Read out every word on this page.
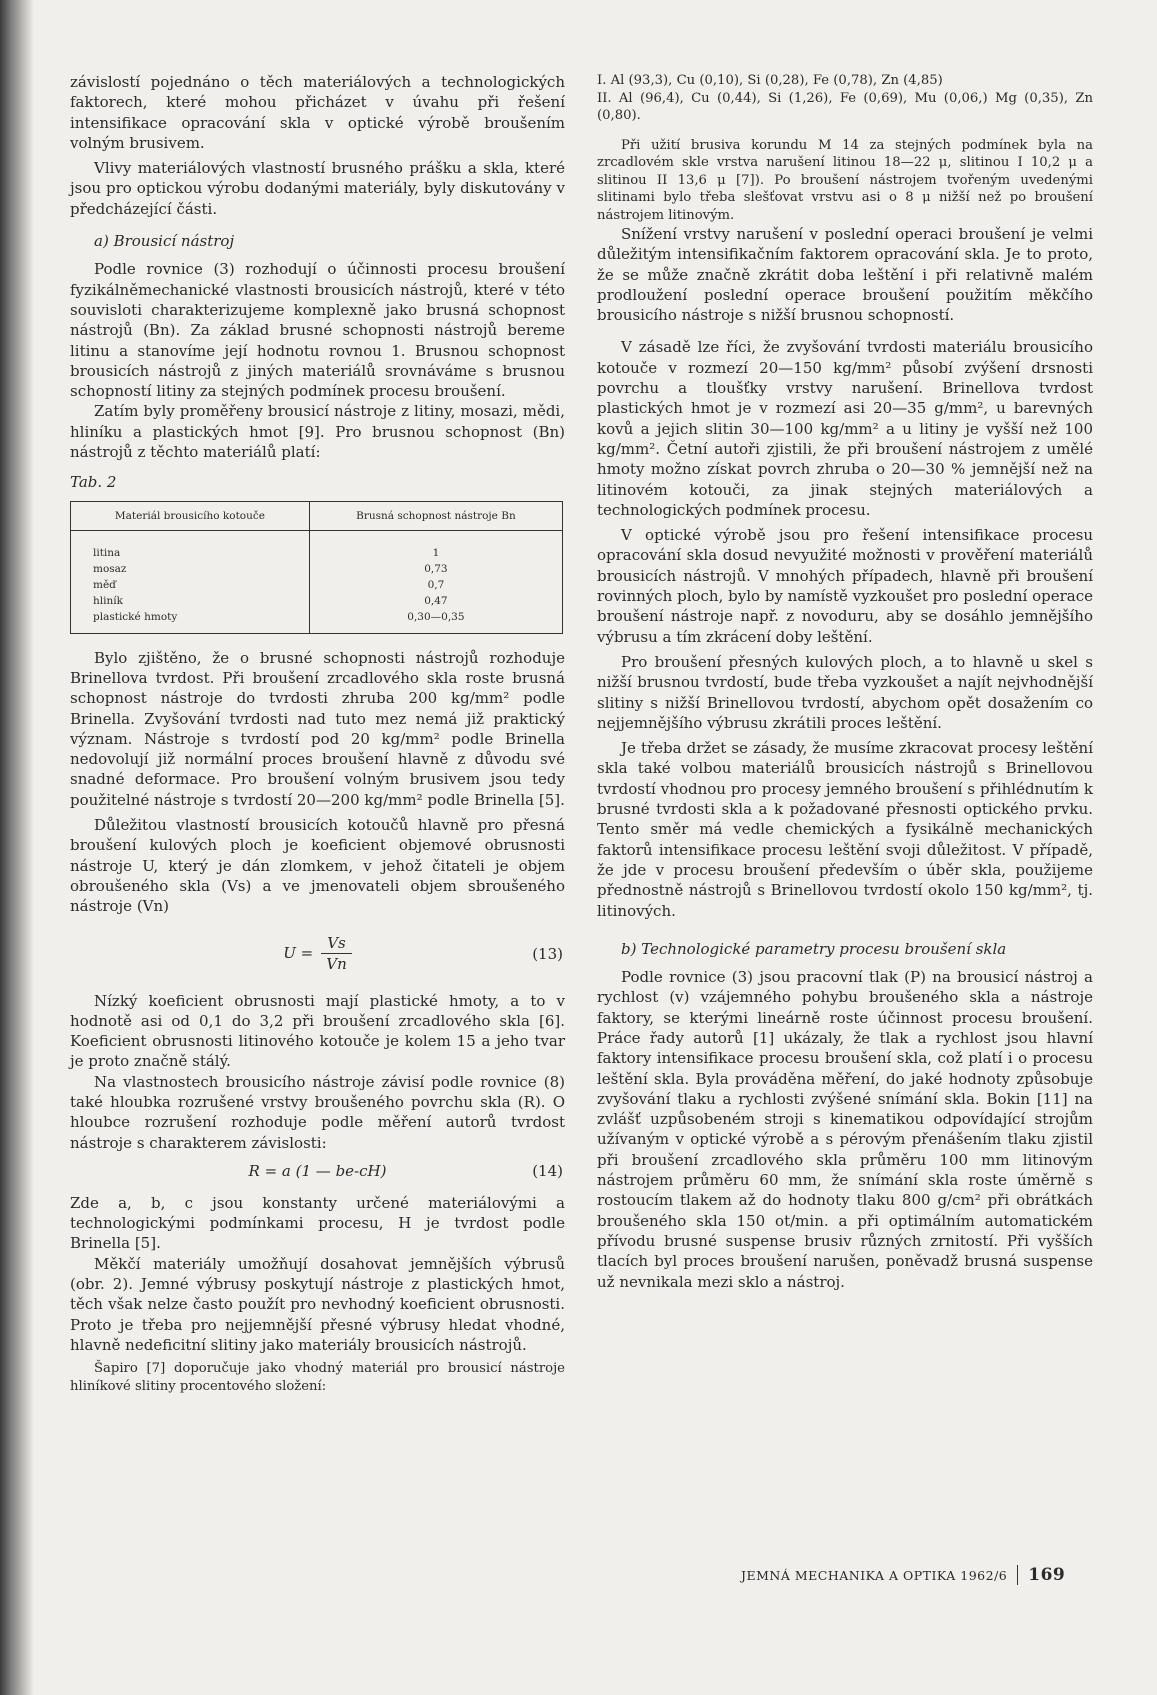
závislostí pojednáno o těch materiálových a technologických faktorech, které mohou přicházet v úvahu při řešení intensifikace opracování skla v optické výrobě broušením volným brusivem.

Vlivy materiálových vlastností brusného prášku a skla, které jsou pro optickou výrobu dodanými materiály, byly diskutovány v předcházející části.

a) Brousicí nástroj

Podle rovnice (3) rozhodují o účinnosti procesu broušení fyzikálněmechanické vlastnosti brousicích nástrojů, které v této souvisloti charakterizujeme komplexně jako brusná schopnost nástrojů (Bn). Za základ brusné schopnosti nástrojů bereme litinu a stanovíme její hodnotu rovnou 1. Brusnou schopnost brousicích nástrojů z jiných materiálů srovnáváme s brusnou schopností litiny za stejných podmínek procesu broušení.

Zatím byly proměřeny brousicí nástroje z litiny, mosazi, mědi, hliníku a plastických hmot [9]. Pro brusnou schopnost (Bn) nástrojů z těchto materiálů platí:

Tab. 2

Materiál brousicího kotouče	Brusná schopnost nástroje Bn
litina	1
mosaz	0,73
měď	0,7
hliník	0,47
plastické hmoty	0,30—0,35

Bylo zjištěno, že o brusné schopnosti nástrojů rozhoduje Brinellova tvrdost. Při broušení zrcadlového skla roste brusná schopnost nástroje do tvrdosti zhruba 200 kg/mm² podle Brinella. Zvyšování tvrdosti nad tuto mez nemá již praktický význam. Nástroje s tvrdostí pod 20 kg/mm² podle Brinella nedovolují již normální proces broušení hlavně z důvodu své snadné deformace. Pro broušení volným brusivem jsou tedy použitelné nástroje s tvrdostí 20—200 kg/mm² podle Brinella [5].

Důležitou vlastností brousicích kotoučů hlavně pro přesná broušení kulových ploch je koeficient objemové obrusnosti nástroje U, který je dán zlomkem, v jehož čitateli je objem obroušeného skla (Vs) a ve jmenovateli objem sbroušeného nástroje (Vn)

$U = \frac{Vs}{Vn}$	(13)

Nízký koeficient obrusnosti mají plastické hmoty, a to v hodnotě asi od 0,1 do 3,2 při broušení zrcadlového skla [6]. Koeficient obrusnosti litinového kotouče je kolem 15 a jeho tvar je proto značně stálý.

Na vlastnostech brousicího nástroje závisí podle rovnice (8) také hloubka rozrušené vrstvy broušeného povrchu skla (R). O hloubce rozrušení rozhoduje podle měření autorů tvrdost nástroje s charakterem závislosti:

R = a (1 — be-cH)	(14)

Zde a, b, c jsou konstanty určené materiálovými a technologickými podmínkami procesu, H je tvrdost podle Brinella [5].

Měkčí materiály umožňují dosahovat jemnějších výbrusů (obr. 2). Jemné výbrusy poskytují nástroje z plastických hmot, těch však nelze často použít pro nevhodný koeficient obrusnosti. Proto je třeba pro nejjemnější přesné výbrusy hledat vhodné, hlavně nedeficitní slitiny jako materiály brousicích nástrojů.

Šapiro [7] doporučuje jako vhodný materiál pro brousicí nástroje hliníkové slitiny procentového složení:

I. Al (93,3), Cu (0,10), Si (0,28), Fe (0,78), Zn (4,85)

II. Al (96,4), Cu (0,44), Si (1,26), Fe (0,69), Mu (0,06,) Mg (0,35), Zn (0,80).

Při užití brusiva korundu M 14 za stejných podmínek byla na zrcadlovém skle vrstva narušení litinou 18—22 μ, slitinou I 10,2 μ a slitinou II 13,6 μ [7]). Po broušení nástrojem tvořeným uvedenými slitinami bylo třeba slešťovat vrstvu asi o 8 μ nižší než po broušení nástrojem litinovým.

Snížení vrstvy narušení v poslední operaci broušení je velmi důležitým intensifikačním faktorem opracování skla. Je to proto, že se může značně zkrátit doba leštění i při relativně malém prodloužení poslední operace broušení použitím měkčího brousicího nástroje s nižší brusnou schopností.

V zásadě lze říci, že zvyšování tvrdosti materiálu brousicího kotouče v rozmezí 20—150 kg/mm² působí zvýšení drsnosti povrchu a tloušťky vrstvy narušení. Brinellova tvrdost plastických hmot je v rozmezí asi 20—35 g/mm², u barevných kovů a jejich slitin 30—100 kg/mm² a u litiny je vyšší než 100 kg/mm². Četní autoři zjistili, že při broušení nástrojem z umělé hmoty možno získat povrch zhruba o 20—30 % jemnější než na litinovém kotouči, za jinak stejných materiálových a technologických podmínek procesu.

V optické výrobě jsou pro řešení intensifikace procesu opracování skla dosud nevyužité možnosti v prověření materiálů brousicích nástrojů. V mnohých případech, hlavně při broušení rovinných ploch, bylo by namístě vyzkoušet pro poslední operace broušení nástroje např. z novoduru, aby se dosáhlo jemnějšího výbrusu a tím zkrácení doby leštění.

Pro broušení přesných kulových ploch, a to hlavně u skel s nižší brusnou tvrdostí, bude třeba vyzkoušet a najít nejvhodnější slitiny s nižší Brinellovou tvrdostí, abychom opět dosažením co nejjemnějšího výbrusu zkrátili proces leštění.

Je třeba držet se zásady, že musíme zkracovat procesy leštění skla také volbou materiálů brousicích nástrojů s Brinellovou tvrdostí vhodnou pro procesy jemného broušení s přihlédnutím k brusné tvrdosti skla a k požadované přesnosti optického prvku. Tento směr má vedle chemických a fysikálně mechanických faktorů intensifikace procesu leštění svoji důležitost. V případě, že jde v procesu broušení především o úběr skla, použijeme přednostně nástrojů s Brinellovou tvrdostí okolo 150 kg/mm², tj. litinových.

b) Technologické parametry procesu broušení skla

Podle rovnice (3) jsou pracovní tlak (P) na brousicí nástroj a rychlost (v) vzájemného pohybu broušeného skla a nástroje faktory, se kterými lineárně roste účinnost procesu broušení. Práce řady autorů [1] ukázaly, že tlak a rychlost jsou hlavní faktory intensifikace procesu broušení skla, což platí i o procesu leštění skla. Byla prováděna měření, do jaké hodnoty způsobuje zvyšování tlaku a rychlosti zvýšené snímání skla. Bokin [11] na zvlášť uzpůsobeném stroji s kinematikou odpovídající strojům užívaným v optické výrobě a s pérovým přenášením tlaku zjistil při broušení zrcadlového skla průměru 100 mm litinovým nástrojem průměru 60 mm, že snímání skla roste úměrně s rostoucím tlakem až do hodnoty tlaku 800 g/cm² při obrátkách broušeného skla 150 ot/min. a při optimálním automatickém přívodu brusné suspense brusiv různých zrnitostí. Při vyšších tlacích byl proces broušení narušen, poněvadž brusná suspense už nevnikala mezi sklo a nástroj.

JEMNÁ MECHANIKA A OPTIKA 1962/6 169
